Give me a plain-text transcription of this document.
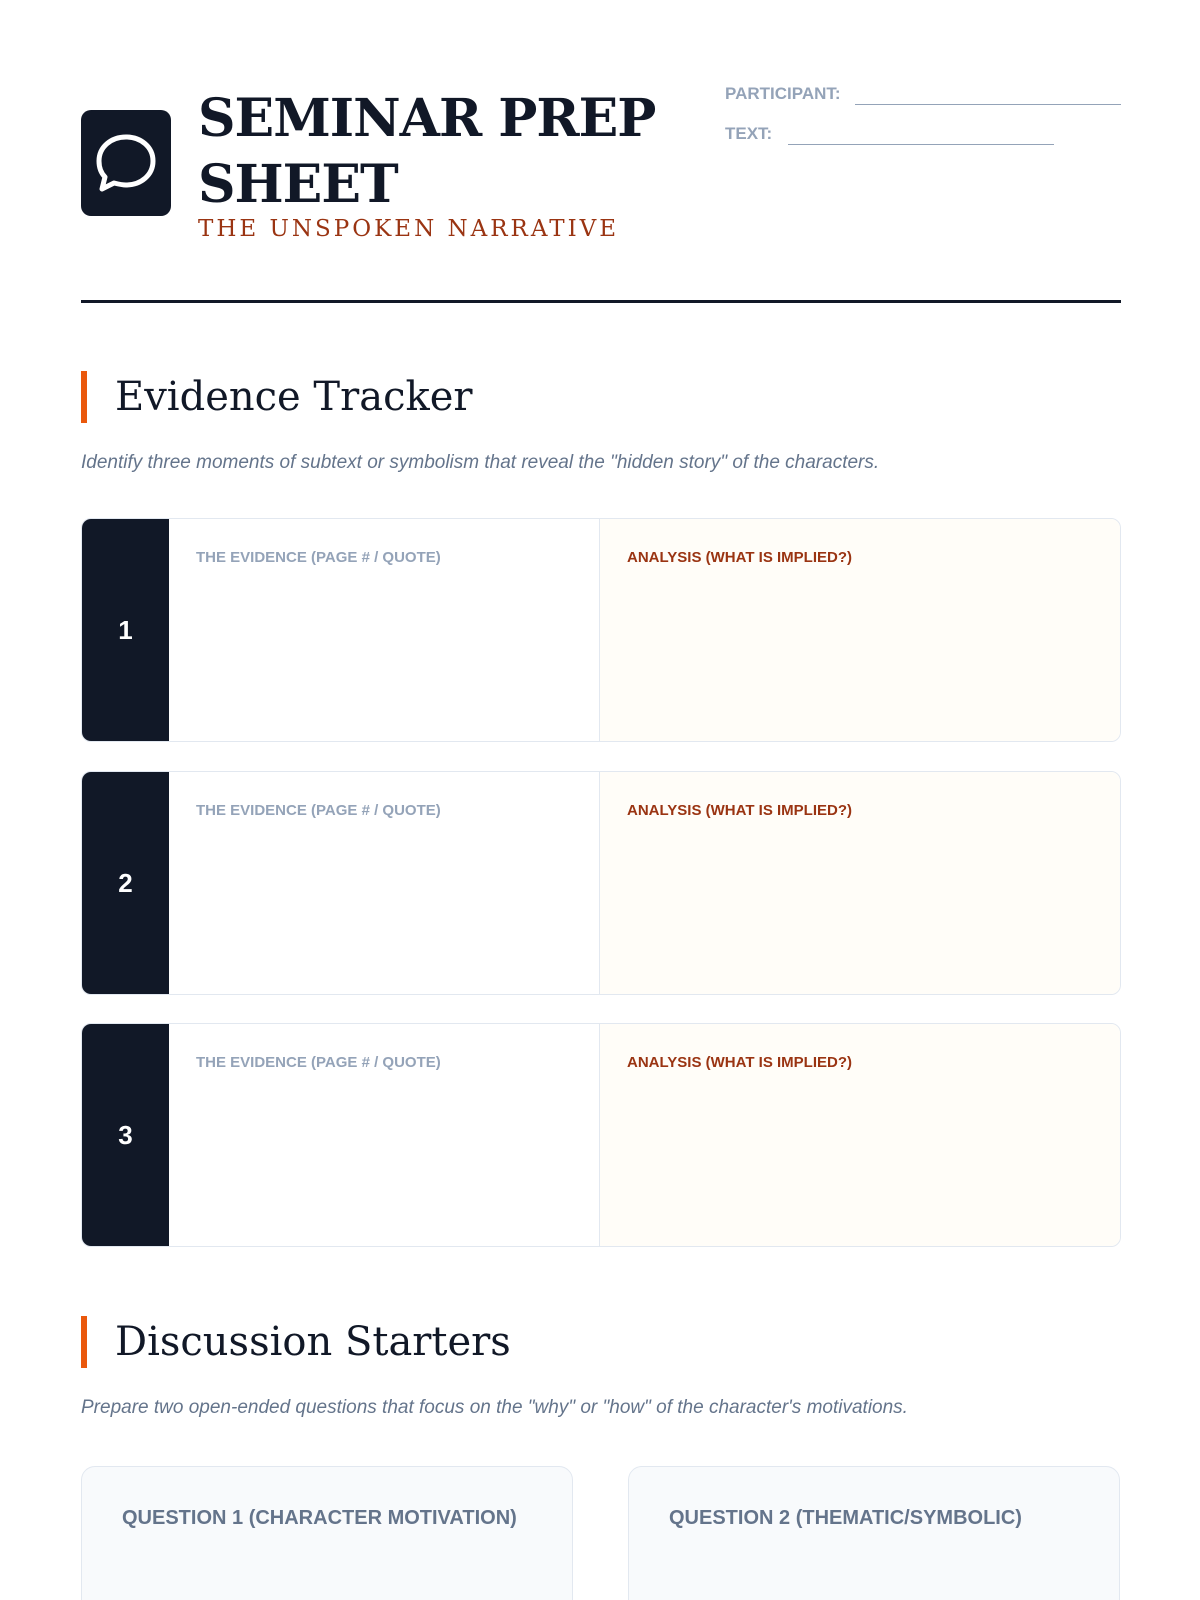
SEMINAR PREP SHEET
THE UNSPOKEN NARRATIVE
PARTICIPANT:
TEXT:
Evidence Tracker
Identify three moments of subtext or symbolism that reveal the "hidden story" of the characters.
1
THE EVIDENCE (PAGE # / QUOTE)	ANALYSIS (WHAT IS IMPLIED?)
2
THE EVIDENCE (PAGE # / QUOTE)	ANALYSIS (WHAT IS IMPLIED?)
3
THE EVIDENCE (PAGE # / QUOTE)	ANALYSIS (WHAT IS IMPLIED?)
Discussion Starters
Prepare two open-ended questions that focus on the "why" or "how" of the character's motivations.
QUESTION 1 (CHARACTER MOTIVATION)	QUESTION 2 (THEMATIC/SYMBOLIC)
